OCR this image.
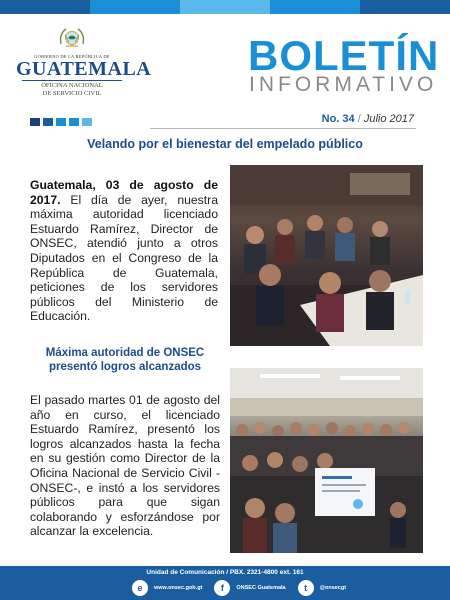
GOBIERNO DE LA REPÚBLICA DE
GUATEMALA
OFICINA NACIONAL
DE SERVICIO CIVIL
BOLETÍN
INFORMATIVO
No. 34 / Julio 2017
Velando por el bienestar del empelado público
Guatemala, 03 de agosto de 2017. El día de ayer, nuestra máxima autoridad licenciado Estuardo Ramírez, Director de ONSEC, atendió junto a otros Diputados en el Congreso de la República de Guatemala, peticiones de los servidores públicos del Ministerio de Educación.
Máxima autoridad de ONSEC presentó logros alcanzados
El pasado martes 01 de agosto del año en curso, el licenciado Estuardo Ramírez, presentó los logros alcanzados hasta la fecha en su gestión como Director de la Oficina Nacional de Servicio Civil -ONSEC-, e instó a los servidores públicos para que sigan colaborando y esforzándose por alcanzar la excelencia.
Unidad de Comunicación / PBX. 2321-4800 ext. 161
e	www.onsec.gob.gt	f	ONSEC Guatemala	t	@onsecgt
